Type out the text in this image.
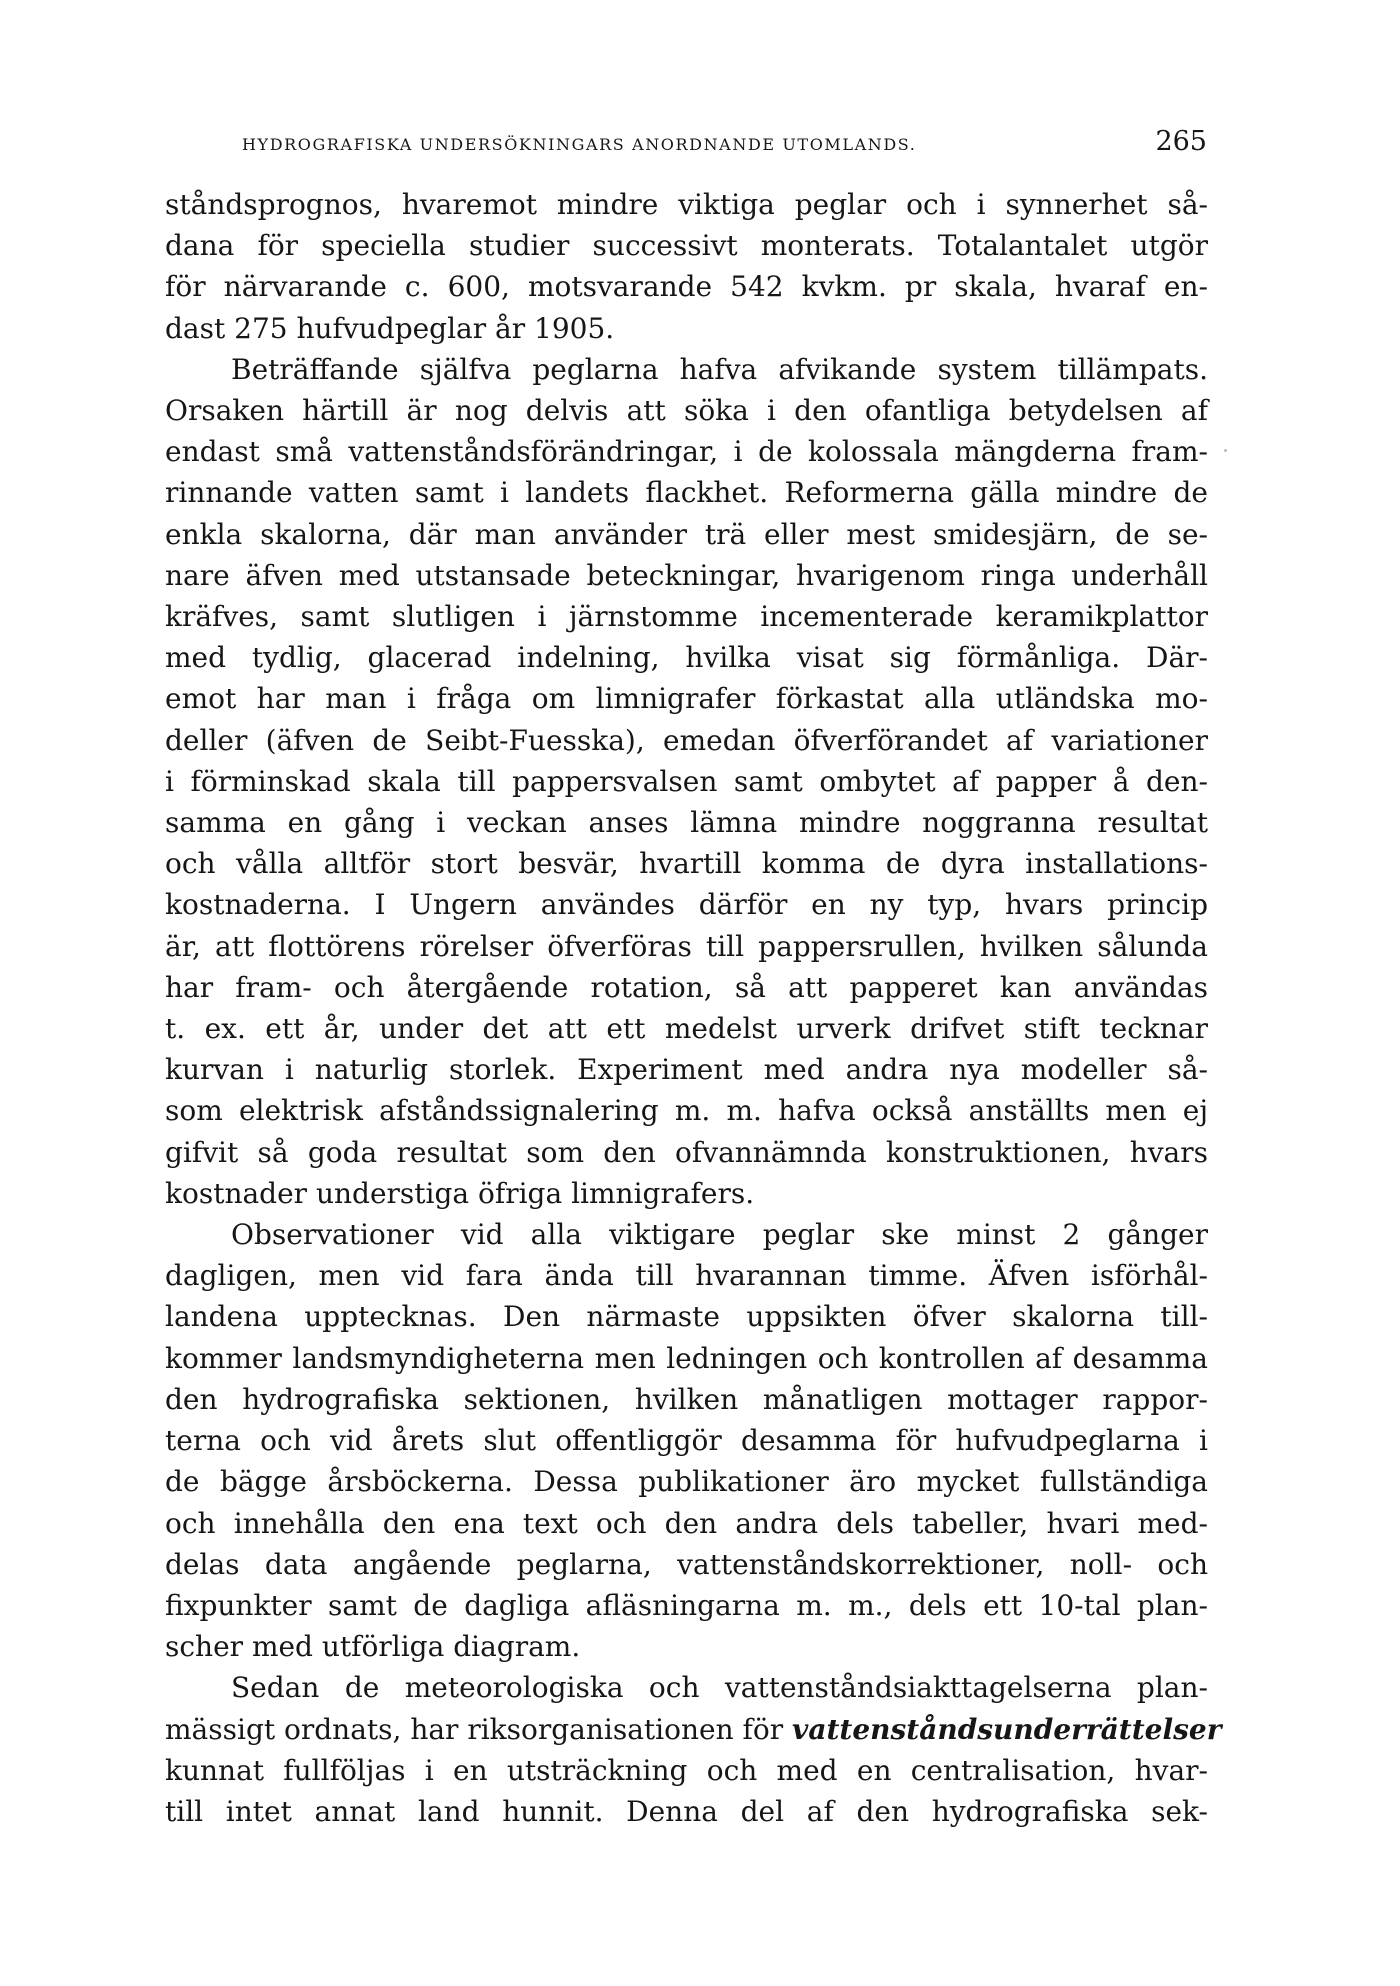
HYDROGRAFISKA UNDERSÖKNINGARS ANORDNANDE UTOMLANDS.	265
ståndsprognos, hvaremot mindre viktiga peglar och i synnerhet så-
dana för speciella studier successivt monterats. Totalantalet utgör
för närvarande c. 600, motsvarande 542 kvkm. pr skala, hvaraf en-
dast 275 hufvudpeglar år 1905.
Beträffande själfva peglarna hafva afvikande system tillämpats.
Orsaken härtill är nog delvis att söka i den ofantliga betydelsen af
endast små vattenståndsförändringar, i de kolossala mängderna fram-
rinnande vatten samt i landets flackhet. Reformerna gälla mindre de
enkla skalorna, där man använder trä eller mest smidesjärn, de se-
nare äfven med utstansade beteckningar, hvarigenom ringa underhåll
kräfves, samt slutligen i järnstomme incementerade keramikplattor
med tydlig, glacerad indelning, hvilka visat sig förmånliga. Där-
emot har man i fråga om limnigrafer förkastat alla utländska mo-
deller (äfven de Seibt-Fuesska), emedan öfverförandet af variationer
i förminskad skala till pappersvalsen samt ombytet af papper å den-
samma en gång i veckan anses lämna mindre noggranna resultat
och vålla alltför stort besvär, hvartill komma de dyra installations-
kostnaderna. I Ungern användes därför en ny typ, hvars princip
är, att flottörens rörelser öfverföras till pappersrullen, hvilken sålunda
har fram- och återgående rotation, så att papperet kan användas
t. ex. ett år, under det att ett medelst urverk drifvet stift tecknar
kurvan i naturlig storlek. Experiment med andra nya modeller så-
som elektrisk afståndssignalering m. m. hafva också anställts men ej
gifvit så goda resultat som den ofvannämnda konstruktionen, hvars
kostnader understiga öfriga limnigrafers.
Observationer vid alla viktigare peglar ske minst 2 gånger
dagligen, men vid fara ända till hvarannan timme. Äfven isförhål-
landena upptecknas. Den närmaste uppsikten öfver skalorna till-
kommer landsmyndigheterna men ledningen och kontrollen af desamma
den hydrografiska sektionen, hvilken månatligen mottager rappor-
terna och vid årets slut offentliggör desamma för hufvudpeglarna i
de bägge årsböckerna. Dessa publikationer äro mycket fullständiga
och innehålla den ena text och den andra dels tabeller, hvari med-
delas data angående peglarna, vattenståndskorrektioner, noll- och
fixpunkter samt de dagliga afläsningarna m. m., dels ett 10-tal plan-
scher med utförliga diagram.
Sedan de meteorologiska och vattenståndsiakttagelserna plan-
mässigt ordnats, har riksorganisationen för vattenståndsunderrättelser
kunnat fullföljas i en utsträckning och med en centralisation, hvar-
till intet annat land hunnit. Denna del af den hydrografiska sek-
